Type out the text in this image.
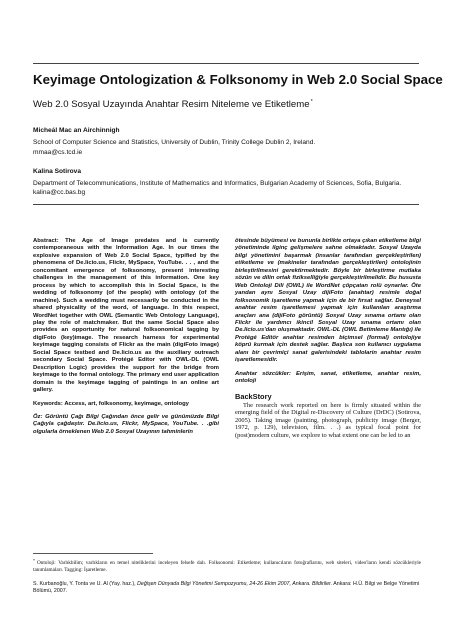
Keyimage Ontologization & Folksonomy in Web 2.0 Social Space
Web 2.0 Sosyal Uzayında Anahtar Resim Niteleme ve Etiketleme*
Micheál Mac an Airchinnigh
School of Computer Science and Statistics, University of Dublin, Trinity College Dublin 2, Ireland.
mmaa@cs.tcd.ie
Kalina Sotirova
Department of Telecommunications, Institute of Mathematics and Informatics, Bulgarian Academy of Sciences, Sofia, Bulgaria. kalina@cc.bas.bg

Abstract: The Age of Image predates and is currently contemporaneous with the Information Age. In our times the explosive expansion of Web 2.0 Social Space, typified by the phenomena of De.licio.us, Flickr, MySpace, YouTube. . . , and the concomitant emergence of folksonomy, present interesting challenges in the management of this information. One key process by which to accomplish this in Social Space, is the wedding of folksonomy (of the people) with ontology (of the machine). Such a wedding must necessarily be conducted in the shared physicality of the word, of language. In this respect, WordNet together with OWL (Semantic Web Ontology Language), play the role of matchmaker. But the same Social Space also provides an opportunity for natural folksonomical tagging by digiFoto (key)image. The research harness for experimental keyimage tagging consists of Flickr as the main (digiFoto image) Social Space testbed and De.licio.us as the auxiliary outreach secondary Social Space. Protégé Editor with OWL-DL (OWL Description Logic) provides the support for the bridge from keyimage to the formal ontology. The primary end user application domain is the keyimage tagging of paintings in an online art gallery.

Keywords: Access, art, folksonomy, keyimage, ontology

Öz: Görüntü Çağı Bilgi Çağından önce gelir ve günümüzde Bilgi Çağıyla çağdaştır. De.licio.us, Flickr, MySpace, YouTube. . .gibi olgularla örneklenen Web 2.0 Sosyal Uzayının tahminlerin

ötesinde büyümesi ve bununla birlikte ortaya çıkan etiketleme bilgi yönetiminde ilginç gelişmelere sahne olmaktadır. Sosyal Uzayda bilgi yönetimini başarmak (insanlar tarafından gerçekleştirilen) etiketleme ve (makineler tarafından gerçekleştirilen) ontolojinin birleştirilmesini gerektirmektedir. Böyle bir birleştirme mutlaka sözün ve dilin ortak fizikselliğiyle gerçekleştirilmelidir. Bu hususta Web Ontoloji Dili (OWL) ile WordNet çöpçatan rolü oynarlar. Öte yandan aynı Sosyal Uzay dijiFoto (anahtar) resimle doğal folksonomik işaretleme yapmak için de bir fırsat sağlar. Deneysel anahtar resim işaretlemesi yapmak için kullanılan araştırma araçları ana (dijiFoto görüntü) Sosyal Uzay sınama ortamı olan Flickr ile yardımcı ikincil Sosyal Uzay sınama ortamı olan De.licio.us'dan oluşmaktadır. OWL-DL (OWL Betimleme Mantığı) ile Protégé Editör anahtar resimden biçimsel (formal) ontolojiye köprü kurmak için destek sağlar. Başlıca son kullanıcı uygulama alanı bir çevrimiçi sanat galerisindeki tablolarin anahtar resim işaretlemesidir.

Anahtar sözcükler: Erişim, sanat, etiketleme, anahtar resim, ontoloji

BackStory

The research work reported on here is firmly situated within the emerging field of the Digital re-Discovery of Culture (DrDC) (Sotirova, 2005). Taking image (painting, photograph, publicity image (Berger, 1972, p. 129), television, film. . .) as typical focal point for (post)modern culture, we explore to what extent one can be led to an

* Ontoloji: Varlıkbilim; varlıkların en temel niteliklerini inceleyen felsefe dalı. Folksonomi: Etiketleme; kullanıcıların fotoğraflarını, web siteleri, video'ların kendi sözcükleriyle tanımlamaları. Tagging: İşaretleme.
S. Kurbanoğlu, Y. Tonta ve U. Al (Yay. haz.), Değişen Dünyada Bilgi Yönetimi Sempozyumu, 24-26 Ekim 2007, Ankara. Bildiriler. Ankara: H.Ü. Bilgi ve Belge Yönetimi Bölümü, 2007.
